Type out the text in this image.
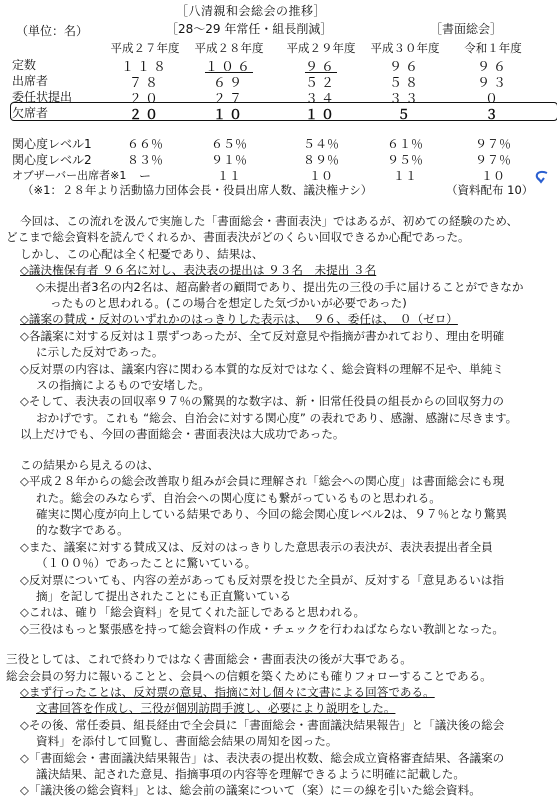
［八清親和会総会の推移］
（単位：名）	［28～29 年常任・組長削減］	［書面総会］
平成２７年度	平成２８年度	平成２９年度	平成３０年度	令和１年度
定数	１１８	１０６	９６	９６	９６
出席者	７８	６９	５２	５８	９３
委任状提出	２０	２７	３４	３３	０
欠席者	２０	１０	１０	５	３
関心度レベル1	６６％	６５％	５４％	６１％	９７％
関心度レベル2	８３％	９１％	８９％	９５％	９７％
オブザーバー出席者※1	ー	１１	１０	１１	１０
（※1：２８年より活動協力団体会長・役員出席人数、議決権ナシ）	（資料配布 10）
今回は、この流れを汲んで実施した「書面総会・書面表決」ではあるが、初めての経験のため、
どこまで総会資料を読んでくれるか、書面表決がどのくらい回収できるか心配であった。
しかし、この心配は全く杞憂であり、結果は、
◇議決権保有者 ９６名に対し、表決表の提出は ９３名　未提出 ３名
◇未提出者3名の内2名は、超高齢者の顧問であり、提出先の三役の手に届けることができなか
ったものと思われる。(この場合を想定した気づかいが必要であった)
◇議案の賛成・反対のいずれかのはっきりした表示は、　９６、委任は、　０（ゼロ）
◇各議案に対する反対は１票ずつあったが、全て反対意見や指摘が書かれており、理由を明確
に示した反対であった。
◇反対票の内容は、議案内容に関わる本質的な反対ではなく、総会資料の理解不足や、単純ミ
スの指摘によるもので安堵した。
◇そして、表決表の回収率９７％の驚異的な数字は、新・旧常任役員の組長からの回収努力の
おかげです。これも “総会、自治会に対する関心度” の表れであり、感謝、感謝に尽きます。
以上だけでも、今回の書面総会・書面表決は大成功であった。
この結果から見えるのは、
◇平成２８年からの総会改善取り組みが会員に理解され「総会への関心度」は書面総会にも現
れた。総会のみならず、自治会への関心度にも繋がっているものと思われる。
確実に関心度が向上している結果であり、今回の総会関心度レベル2は、９７％となり驚異
的な数字である。
◇また、議案に対する賛成又は、反対のはっきりした意思表示の表決が、表決表提出者全員
（１００％）であったことに驚いている。
◇反対票についても、内容の差があっても反対票を投じた全員が、反対する「意見あるいは指
摘」を記して提出されたことにも正直驚いている
◇これは、確り「総会資料」を見てくれた証しであると思われる。
◇三役はもっと緊張感を持って総会資料の作成・チェックを行わねばならない教訓となった。
三役としては、これで終わりではなく書面総会・書面表決の後が大事である。
総会会員の努力に報いることと、会員への信頼を築くためにも確りフォローすることである。
◇まず行ったことは、反対票の意見、指摘に対し個々に文書による回答である。
文書回答を作成し、三役が個別訪問手渡し、必要により説明をした。
◇その後、常任委員、組長経由で全会員に「書面総会・書面議決結果報告」と「議決後の総会
資料」を添付して回覧し、書面総会結果の周知を図った。
◇「書面総会・書面議決結果報告」は、表決表の提出枚数、総会成立資格審査結果、各議案の
議決結果、記された意見、指摘事項の内容等を理解できるように明確に記載した。
◇「議決後の総会資料」とは、総会前の議案について（案）に＝の線を引いた総会資料。
